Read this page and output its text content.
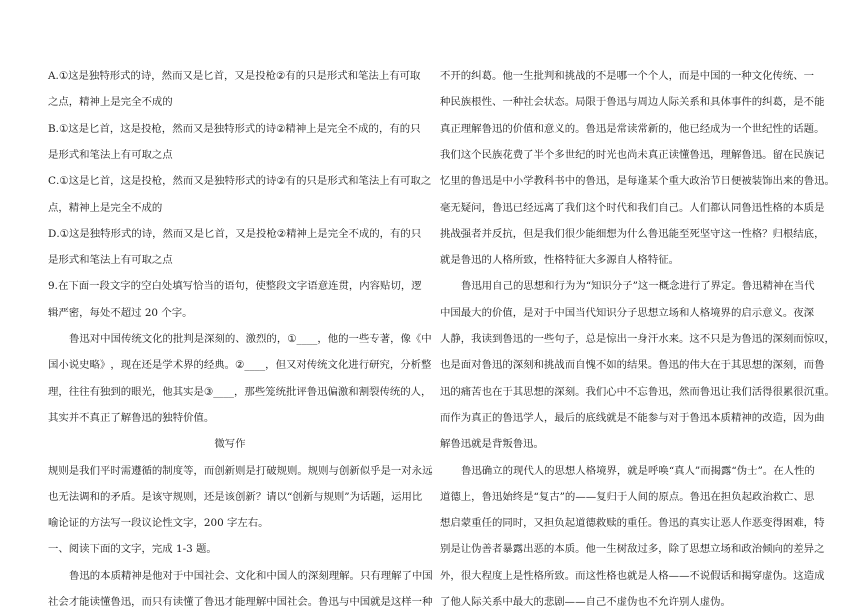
A . ① 这 是 独 特 形 式 的 诗 ， 然 而 又 是 匕 首 ， 又 是 投 枪 ② 有 的 只 是 形 式 和 笔 法 上 有 可 取
之点，精神上是完全不成的
B . ① 这 是 匕 首 ， 这 是 投 枪 ， 然 而 又 是 独 特 形 式 的 诗 ② 精 神 上 是 完 全 不 成 的 ， 有 的 只
是形式和笔法上有可取之点
C . ① 这 是 匕 首 ， 这 是 投 枪 ， 然 而 又 是 独 特 形 式 的 诗 ② 有 的 只 是 形 式 和 笔 法 上 有 可 取 之
点，精神上是完全不成的
D . ① 这 是 独 特 形 式 的 诗 ， 然 而 又 是 匕 首 ， 又 是 投 枪 ② 精 神 上 是 完 全 不 成 的 ， 有 的 只
是形式和笔法上有可取之点
9 . 在 下 面 一 段 文 字 的 空 白 处 填 写 恰 当 的 语 句 ， 使 整 段 文 字 语 意 连 贯 ， 内 容 贴 切 ， 逻
辑严密，每处不超过 20 个字。
鲁 迅 对 中 国 传 统 文 化 的 批 判 是 深 刻 的 、 激 烈 的 ， ① _ _ _ _ ， 他 的 一 些 专 著 ， 像 《 中
国 小 说 史 略 》 ， 现 在 还 是 学 术 界 的 经 典 。 ② _ _ _ _ ， 但 又 对 传 统 文 化 进 行 研 究 ， 分 析 整
理 ， 往 往 有 独 到 的 眼 光 ， 他 其 实 是 ③ _ _ _ _ ， 那 些 笼 统 批 评 鲁 迅 偏 激 和 割 裂 传 统 的 人 ，
其实并不真正了解鲁迅的独特价值。
微写作
规 则 是 我 们 平 时 需 遵 循 的 制 度 等 ， 而 创 新 则 是 打 破 规 则 。 规 则 与 创 新 似 乎 是 一 对 永 远
也 无 法 调 和 的 矛 盾 。 是 该 守 规 则 ， 还 是 该 创 新 ？ 请 以 “ 创 新 与 规 则 ” 为 话 题 ， 运 用 比
喻论证的方法写一段议论性文字，200 字左右。
一、阅读下面的文字，完成 1-3 题。
鲁 迅 的 本 质 精 神 是 他 对 于 中 国 社 会 、 文 化 和 中 国 人 的 深 刻 理 解 。 只 有 理 解 了 中 国
社 会 才 能 读 懂 鲁 迅 ， 而 只 有 读 懂 了 鲁 迅 才 能 理 解 中 国 社 会 。 鲁 迅 与 中 国 就 是 这 样 一 种
不 开 的 纠 葛 。 他 一 生 批 判 和 挑 战 的 不 是 哪 一 个 个 人 ， 而 是 中 国 的 一 种 文 化 传 统 、 一
种 民 族 根 性 、 一 种 社 会 状 态 。 局 限 于 鲁 迅 与 周 边 人 际 关 系 和 具 体 事 件 的 纠 葛 ， 是 不 能
真 正 理 解 鲁 迅 的 价 值 和 意 义 的 。 鲁 迅 是 常 读 常 新 的 ， 他 已 经 成 为 一 个 世 纪 性 的 话 题 。
我 们 这 个 民 族 花 费 了 半 个 多 世 纪 的 时 光 也 尚 未 真 正 读 懂 鲁 迅 ， 理 解 鲁 迅 。 留 在 民 族 记
忆 里 的 鲁 迅 是 中 小 学 教 科 书 中 的 鲁 迅 ， 是 每 逢 某 个 重 大 政 治 节 日 便 被 装 饰 出 来 的 鲁 迅 。
毫 无 疑 问 ， 鲁 迅 已 经 远 离 了 我 们 这 个 时 代 和 我 们 自 己 。 人 们 都 认 同 鲁 迅 性 格 的 本 质 是
挑 战 强 者 并 反 抗 ， 但 是 我 们 很 少 能 细 想 为 什 么 鲁 迅 能 至 死 坚 守 这 一 性 格 ？ 归 根 结 底 ，
就是鲁迅的人格所致，性格特征大多源自人格特征。
鲁 迅 用 自 己 的 思 想 和 行 为 为 “ 知 识 分 子 ” 这 一 概 念 进 行 了 界 定 。 鲁 迅 精 神 在 当 代
中 国 最 大 的 价 值 ， 是 对 于 中 国 当 代 知 识 分 子 思 想 立 场 和 人 格 境 界 的 启 示 意 义 。 夜 深
人 静 ， 我 读 到 鲁 迅 的 一 些 句 子 ， 总 是 惊 出 一 身 汗 水 来 。 这 不 只 是 为 鲁 迅 的 深 刻 而 惊 叹 ，
也 是 面 对 鲁 迅 的 深 刻 和 挑 战 而 自 愧 不 如 的 结 果 。 鲁 迅 的 伟 大 在 于 其 思 想 的 深 刻 ， 而 鲁
迅 的 痛 苦 也 在 于 其 思 想 的 深 刻 。 我 们 心 中 不 忘 鲁 迅 ， 然 而 鲁 迅 让 我 们 活 得 很 累 很 沉 重 。
而 作 为 真 正 的 鲁 迅 学 人 ， 最 后 的 底 线 就 是 不 能 参 与 对 于 鲁 迅 本 质 精 神 的 改 造 ， 因 为 曲
解鲁迅就是背叛鲁迅。
鲁 迅 确 立 的 现 代 人 的 思 想 人 格 境 界 ， 就 是 呼 唤 “ 真 人 ” 而 揭 露 “ 伪 士 ” 。 在 人 性 的
道 德 上 ， 鲁 迅 始 终 是 “ 复 古 ” 的 — — 复 归 于 人 间 的 原 点 。 鲁 迅 在 担 负 起 政 治 救 亡 、 思
想 启 蒙 重 任 的 同 时 ， 又 担 负 起 道 德 救 赎 的 重 任 。 鲁 迅 的 真 实 让 恶 人 作 恶 变 得 困 难 ， 特
别 是 让 伪 善 者 暴 露 出 恶 的 本 质 。 他 一 生 树 敌 过 多 ， 除 了 思 想 立 场 和 政 治 倾 向 的 差 异 之
外 ， 很 大 程 度 上 是 性 格 所 致 。 而 这 性 格 也 就 是 人 格 — — 不 说 假 话 和 揭 穿 虚 伪 。 这 造 成
了他人际关系中最大的悲剧——自己不虚伪也不允许别人虚伪。
